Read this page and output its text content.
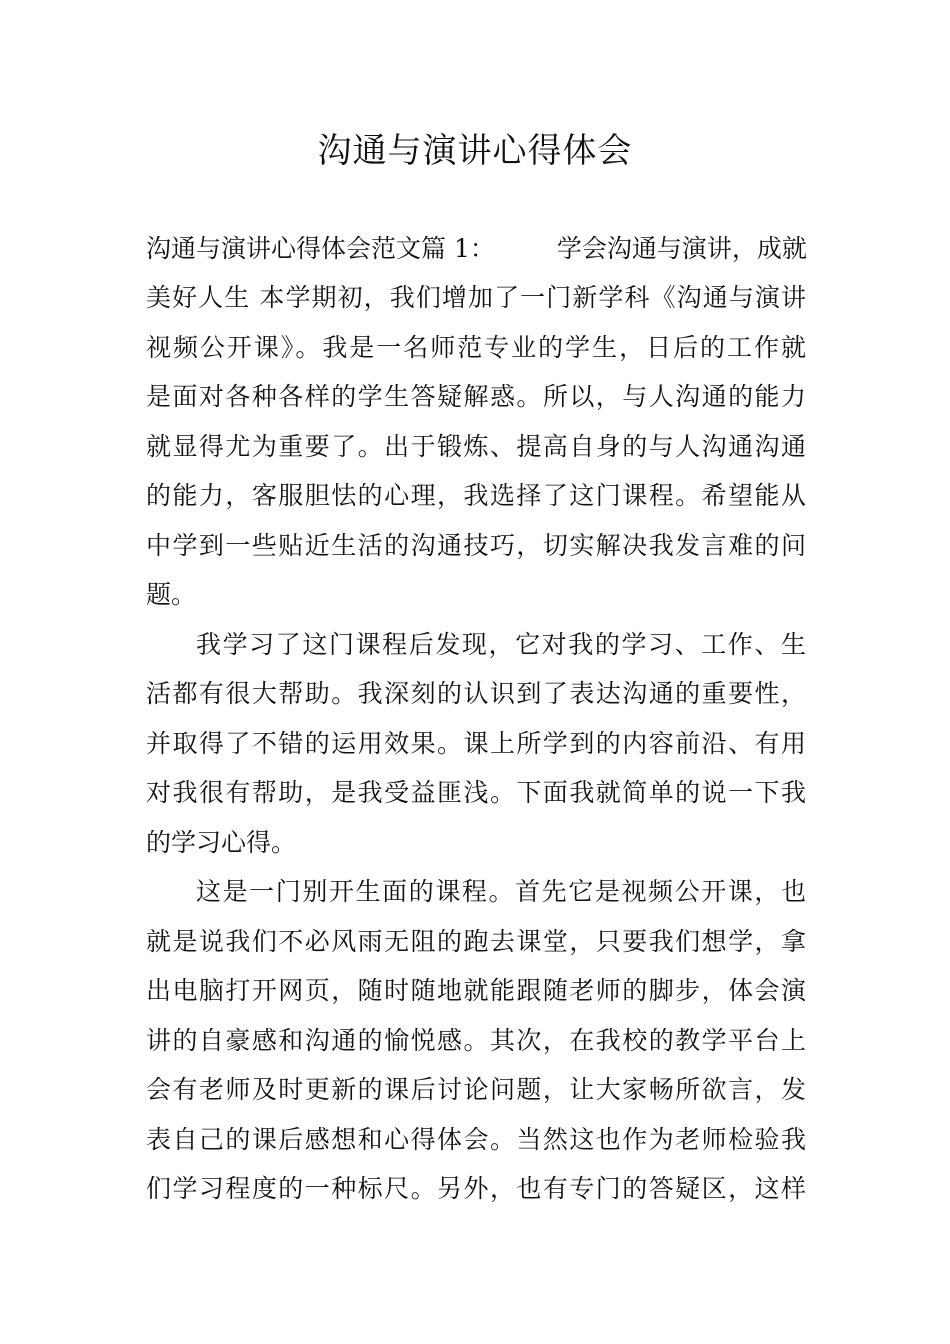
沟通与演讲心得体会
沟通与演讲心得体会范文篇 1： 学会沟通与演讲，成就
美好人生 本学期初，我们增加了一门新学科《沟通与演讲
视频公开课》。我是一名师范专业的学生，日后的工作就
是面对各种各样的学生答疑解惑。所以，与人沟通的能力
就显得尤为重要了。出于锻炼、提高自身的与人沟通沟通
的能力，客服胆怯的心理，我选择了这门课程。希望能从
中学到一些贴近生活的沟通技巧，切实解决我发言难的问
题。
我学习了这门课程后发现，它对我的学习、工作、生
活都有很大帮助。我深刻的认识到了表达沟通的重要性，
并取得了不错的运用效果。课上所学到的内容前沿、有用
对我很有帮助，是我受益匪浅。下面我就简单的说一下我
的学习心得。
这是一门别开生面的课程。首先它是视频公开课，也
就是说我们不必风雨无阻的跑去课堂，只要我们想学，拿
出电脑打开网页，随时随地就能跟随老师的脚步，体会演
讲的自豪感和沟通的愉悦感。其次，在我校的教学平台上
会有老师及时更新的课后讨论问题，让大家畅所欲言，发
表自己的课后感想和心得体会。当然这也作为老师检验我
们学习程度的一种标尺。另外，也有专门的答疑区，这样
